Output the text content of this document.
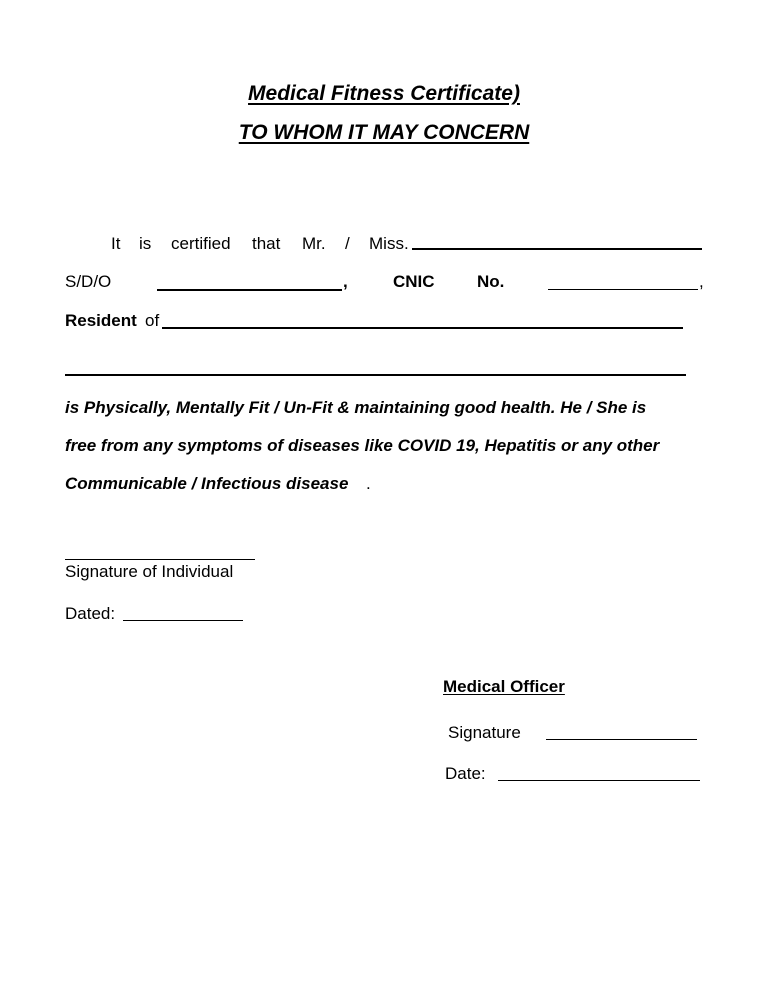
Medical Fitness Certificate)
TO WHOM IT MAY CONCERN
It is certified that Mr. / Miss.
S/D/O	,	CNIC No.	,
Resident of
is Physically, Mentally Fit / Un-Fit & maintaining good health. He / She is
free from any symptoms of diseases like COVID 19, Hepatitis or any other
Communicable / Infectious disease .
Signature of Individual
Dated:
Medical Officer
Signature
Date:
